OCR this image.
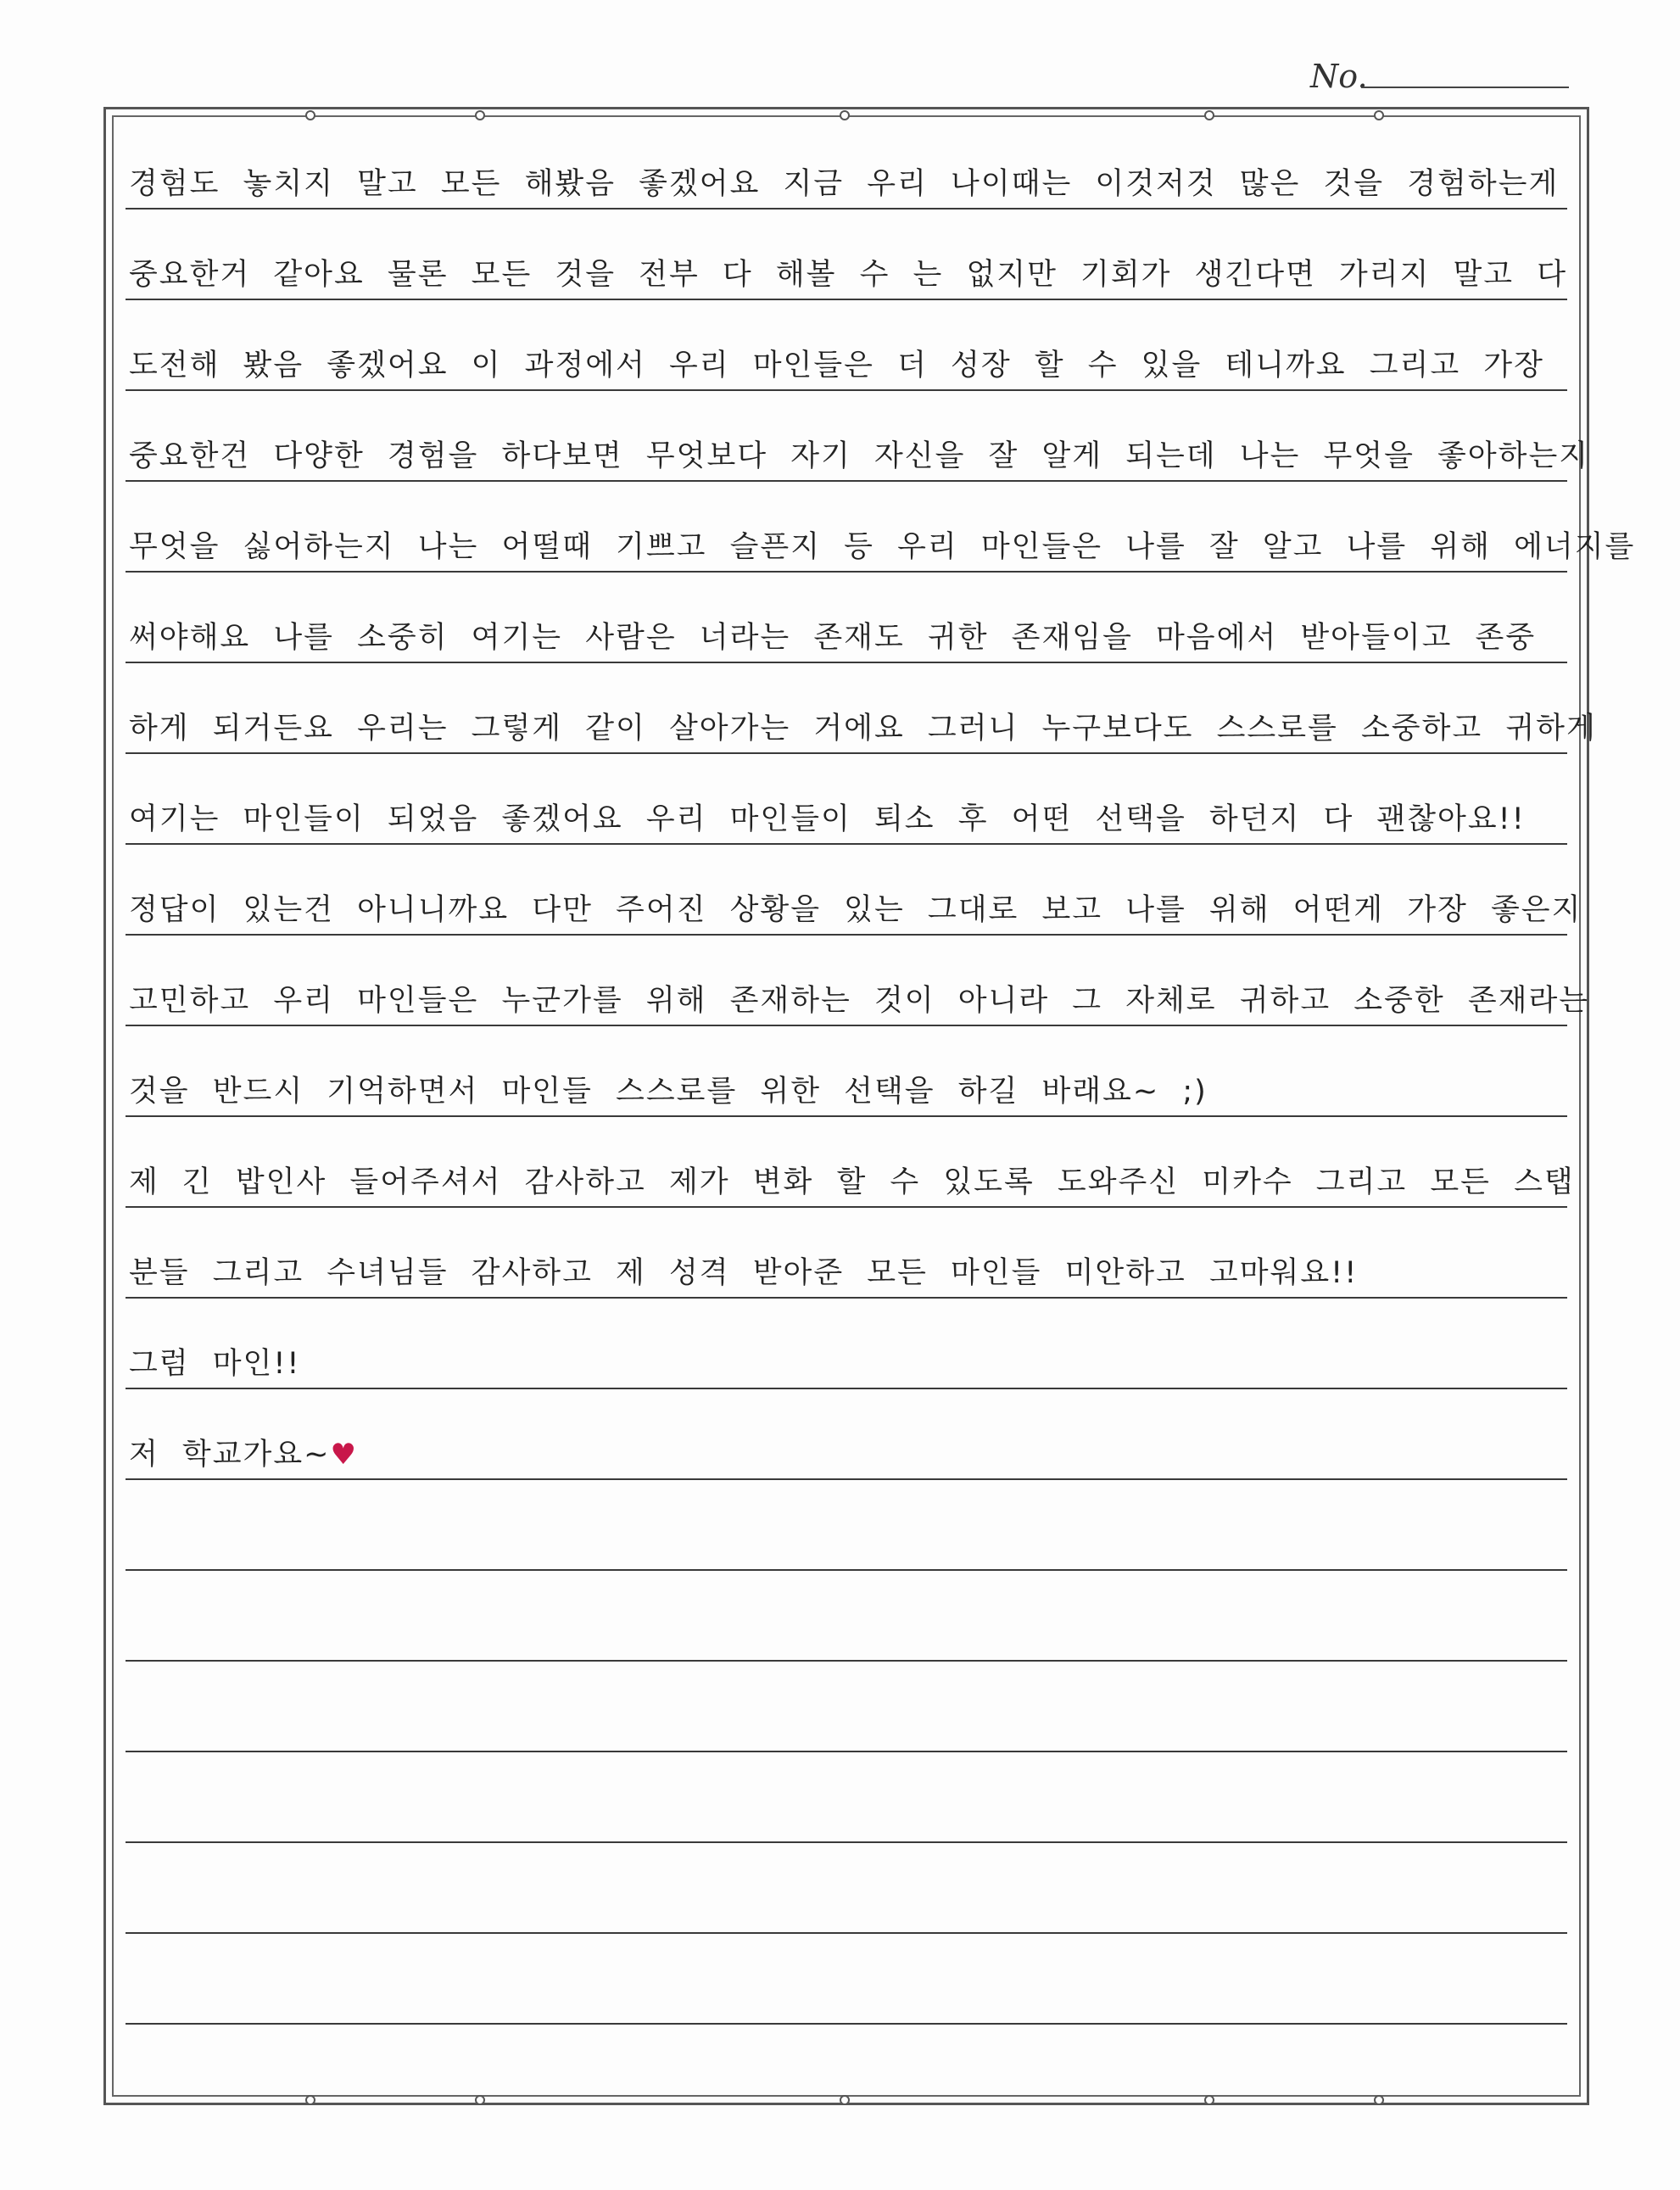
No.
경험도 놓치지 말고 모든 해봤음 좋겠어요 지금 우리 나이때는 이것저것 많은 것을 경험하는게
중요한거 같아요 물론 모든 것을 전부 다 해볼 수 는 없지만 기회가 생긴다면 가리지 말고 다
도전해 봤음 좋겠어요 이 과정에서 우리 마인들은 더 성장 할 수 있을 테니까요 그리고 가장
중요한건 다양한 경험을 하다보면 무엇보다 자기 자신을 잘 알게 되는데 나는 무엇을 좋아하는지
무엇을 싫어하는지 나는 어떨때 기쁘고 슬픈지 등 우리 마인들은 나를 잘 알고 나를 위해 에너지를
써야해요 나를 소중히 여기는 사람은 너라는 존재도 귀한 존재임을 마음에서 받아들이고 존중
하게 되거든요 우리는 그렇게 같이 살아가는 거에요 그러니 누구보다도 스스로를 소중하고 귀하게
여기는 마인들이 되었음 좋겠어요 우리 마인들이 퇴소 후 어떤 선택을 하던지 다 괜찮아요!!
정답이 있는건 아니니까요 다만 주어진 상황을 있는 그대로 보고 나를 위해 어떤게 가장 좋은지
고민하고 우리 마인들은 누군가를 위해 존재하는 것이 아니라 그 자체로 귀하고 소중한 존재라는
것을 반드시 기억하면서 마인들 스스로를 위한 선택을 하길 바래요~ ;)
제 긴 밥인사 들어주셔서 감사하고 제가 변화 할 수 있도록 도와주신 미카수 그리고 모든 스탭
분들 그리고 수녀님들 감사하고 제 성격 받아준 모든 마인들 미안하고 고마워요!!
그럼 마인!!
저 학교가요~♥
